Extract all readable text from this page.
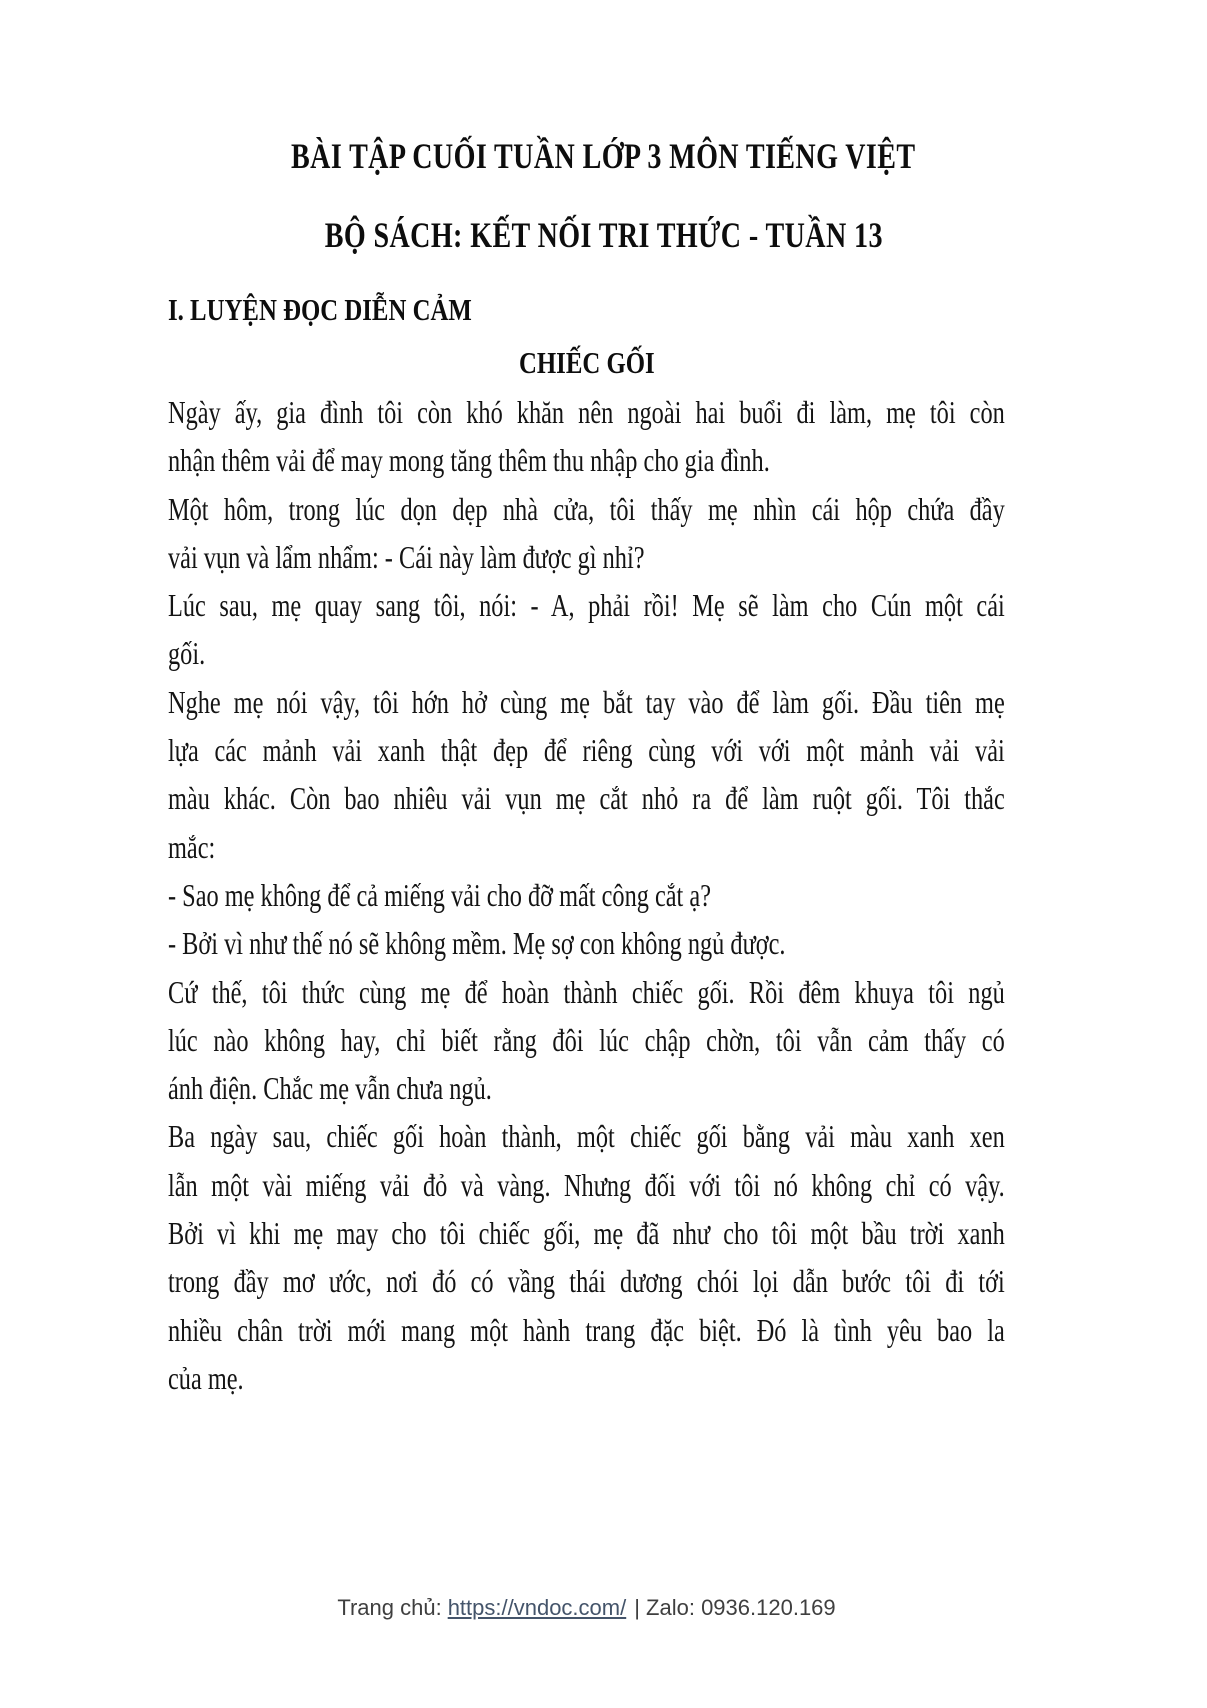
BÀI TẬP CUỐI TUẦN LỚP 3 MÔN TIẾNG VIỆT
BỘ SÁCH: KẾT NỐI TRI THỨC - TUẦN 13
I. LUYỆN ĐỌC DIỄN CẢM
CHIẾC GỐI
Ngày ấy, gia đình tôi còn khó khăn nên ngoài hai buổi đi làm, mẹ tôi còn
nhận thêm vải để may mong tăng thêm thu nhập cho gia đình.
Một hôm, trong lúc dọn dẹp nhà cửa, tôi thấy mẹ nhìn cái hộp chứa đầy
vải vụn và lẩm nhẩm: - Cái này làm được gì nhỉ?
Lúc sau, mẹ quay sang tôi, nói: - A, phải rồi! Mẹ sẽ làm cho Cún một cái
gối.
Nghe mẹ nói vậy, tôi hớn hở cùng mẹ bắt tay vào để làm gối. Đầu tiên mẹ
lựa các mảnh vải xanh thật đẹp để riêng cùng với với một mảnh vải vải
màu khác. Còn bao nhiêu vải vụn mẹ cắt nhỏ ra để làm ruột gối. Tôi thắc
mắc:
- Sao mẹ không để cả miếng vải cho đỡ mất công cắt ạ?
- Bởi vì như thế nó sẽ không mềm. Mẹ sợ con không ngủ được.
Cứ thế, tôi thức cùng mẹ để hoàn thành chiếc gối. Rồi đêm khuya tôi ngủ
lúc nào không hay, chỉ biết rằng đôi lúc chập chờn, tôi vẫn cảm thấy có
ánh điện. Chắc mẹ vẫn chưa ngủ.
Ba ngày sau, chiếc gối hoàn thành, một chiếc gối bằng vải màu xanh xen
lẫn một vài miếng vải đỏ và vàng. Nhưng đối với tôi nó không chỉ có vậy.
Bởi vì khi mẹ may cho tôi chiếc gối, mẹ đã như cho tôi một bầu trời xanh
trong đầy mơ ước, nơi đó có vầng thái dương chói lọi dẫn bước tôi đi tới
nhiều chân trời mới mang một hành trang đặc biệt. Đó là tình yêu bao la
của mẹ.
Trang chủ: https://vndoc.com/ | Zalo: 0936.120.169
